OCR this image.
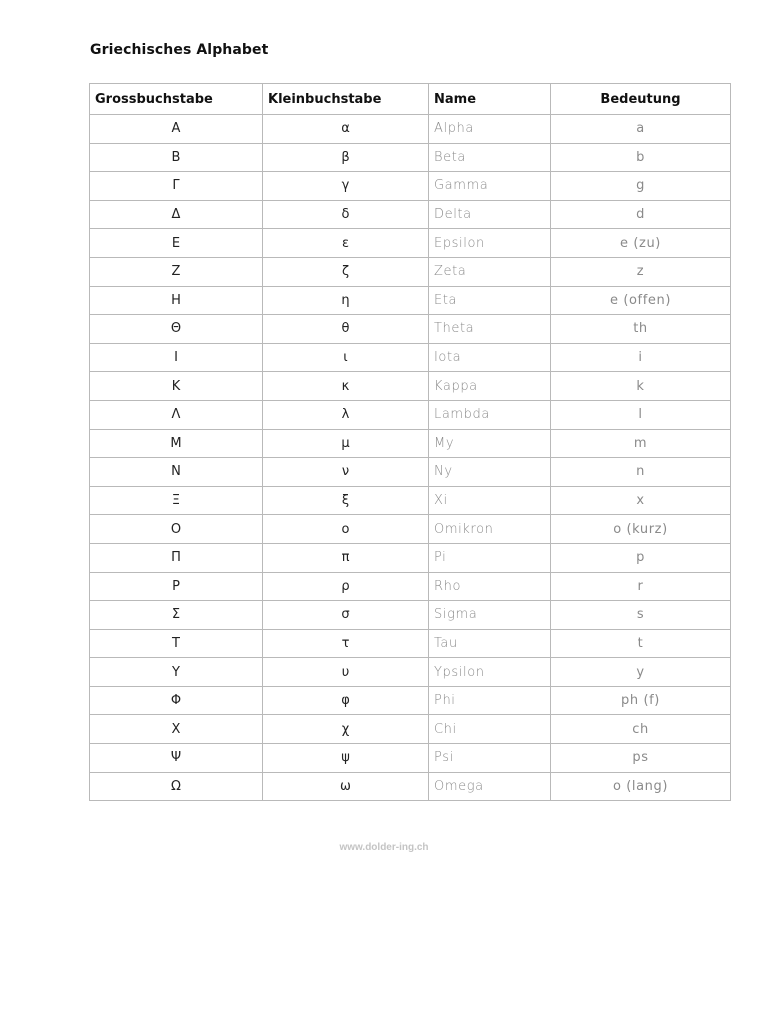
Griechisches Alphabet
Grossbuchstabe	Kleinbuchstabe	Name	Bedeutung
Α	α	Alpha	a
Β	β	Beta	b
Γ	γ	Gamma	g
Δ	δ	Delta	d
Ε	ε	Epsilon	e (zu)
Ζ	ζ	Zeta	z
Η	η	Eta	e (offen)
Θ	θ	Theta	th
Ι	ι	Iota	i
Κ	κ	Kappa	k
Λ	λ	Lambda	l
Μ	μ	My	m
Ν	ν	Ny	n
Ξ	ξ	Xi	x
Ο	ο	Omikron	o (kurz)
Π	π	Pi	p
Ρ	ρ	Rho	r
Σ	σ	Sigma	s
Τ	τ	Tau	t
Υ	υ	Ypsilon	y
Φ	φ	Phi	ph (f)
Χ	χ	Chi	ch
Ψ	ψ	Psi	ps
Ω	ω	Omega	o (lang)
www.dolder-ing.ch
